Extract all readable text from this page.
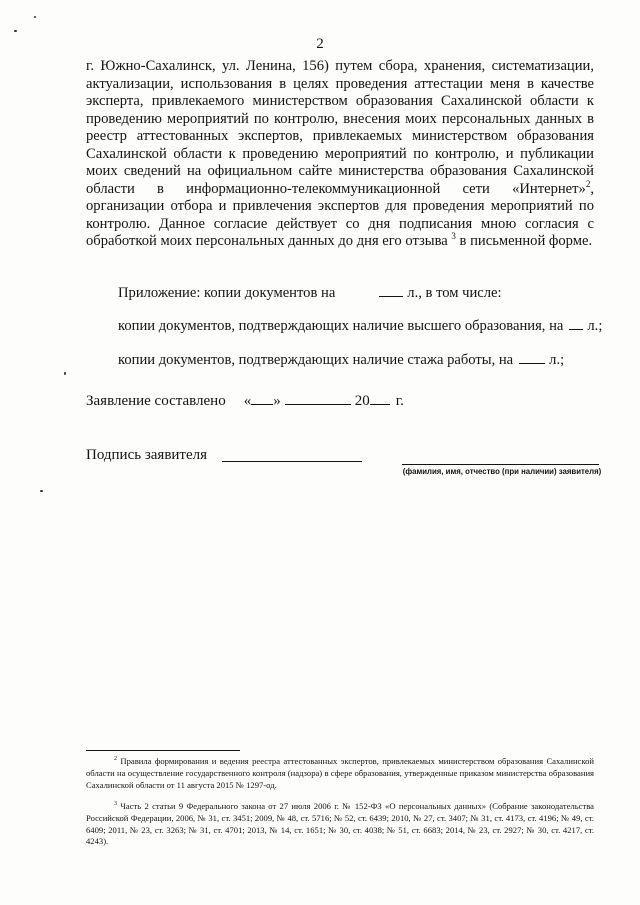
2

г. Южно-Сахалинск, ул. Ленина, 156) путем сбора, хранения, систематизации, актуализации, использования в целях проведения аттестации меня в качестве эксперта, привлекаемого министерством образования Сахалинской области к проведению мероприятий по контролю, внесения моих персональных данных в реестр аттестованных экспертов, привлекаемых министерством образования Сахалинской области к проведению мероприятий по контролю, и публикации моих сведений на официальном сайте министерства образования Сахалинской области в информационно-телекоммуникационной сети «Интернет»$^2$, организации отбора и привлечения экспертов для проведения мероприятий по контролю. Данное согласие действует со дня подписания мною согласия с обработкой моих персональных данных до дня его отзыва $^3$ в письменной форме.

Приложение: копии документов на	л., в том числе:

копии документов, подтверждающих наличие высшего образования, на л.;

копии документов, подтверждающих наличие стажа работы, на л.;

Заявление составлено « »	20 г.

Подпись заявителя

(фамилия, имя, отчество (при наличии) заявителя)

$^2$ Правила формирования и ведения реестра аттестованных экспертов, привлекаемых министерством образования Сахалинской области на осуществление государственного контроля (надзора) в сфере образования, утвержденные приказом министерства образования Сахалинской области от 11 августа 2015 № 1297-од.

$^3$ Часть 2 статьи 9 Федерального закона от 27 июля 2006 г. № 152-ФЗ «О персональных данных» (Собрание законодательства Российской Федерации, 2006, № 31, ст. 3451; 2009, № 48, ст. 5716; № 52, ст. 6439; 2010, № 27, ст. 3407; № 31, ст. 4173, ст. 4196; № 49, ст. 6409; 2011, № 23, ст. 3263; № 31, ст. 4701; 2013, № 14, ст. 1651; № 30, ст. 4038; № 51, ст. 6683; 2014, № 23, ст. 2927; № 30, ст. 4217, ст. 4243).
